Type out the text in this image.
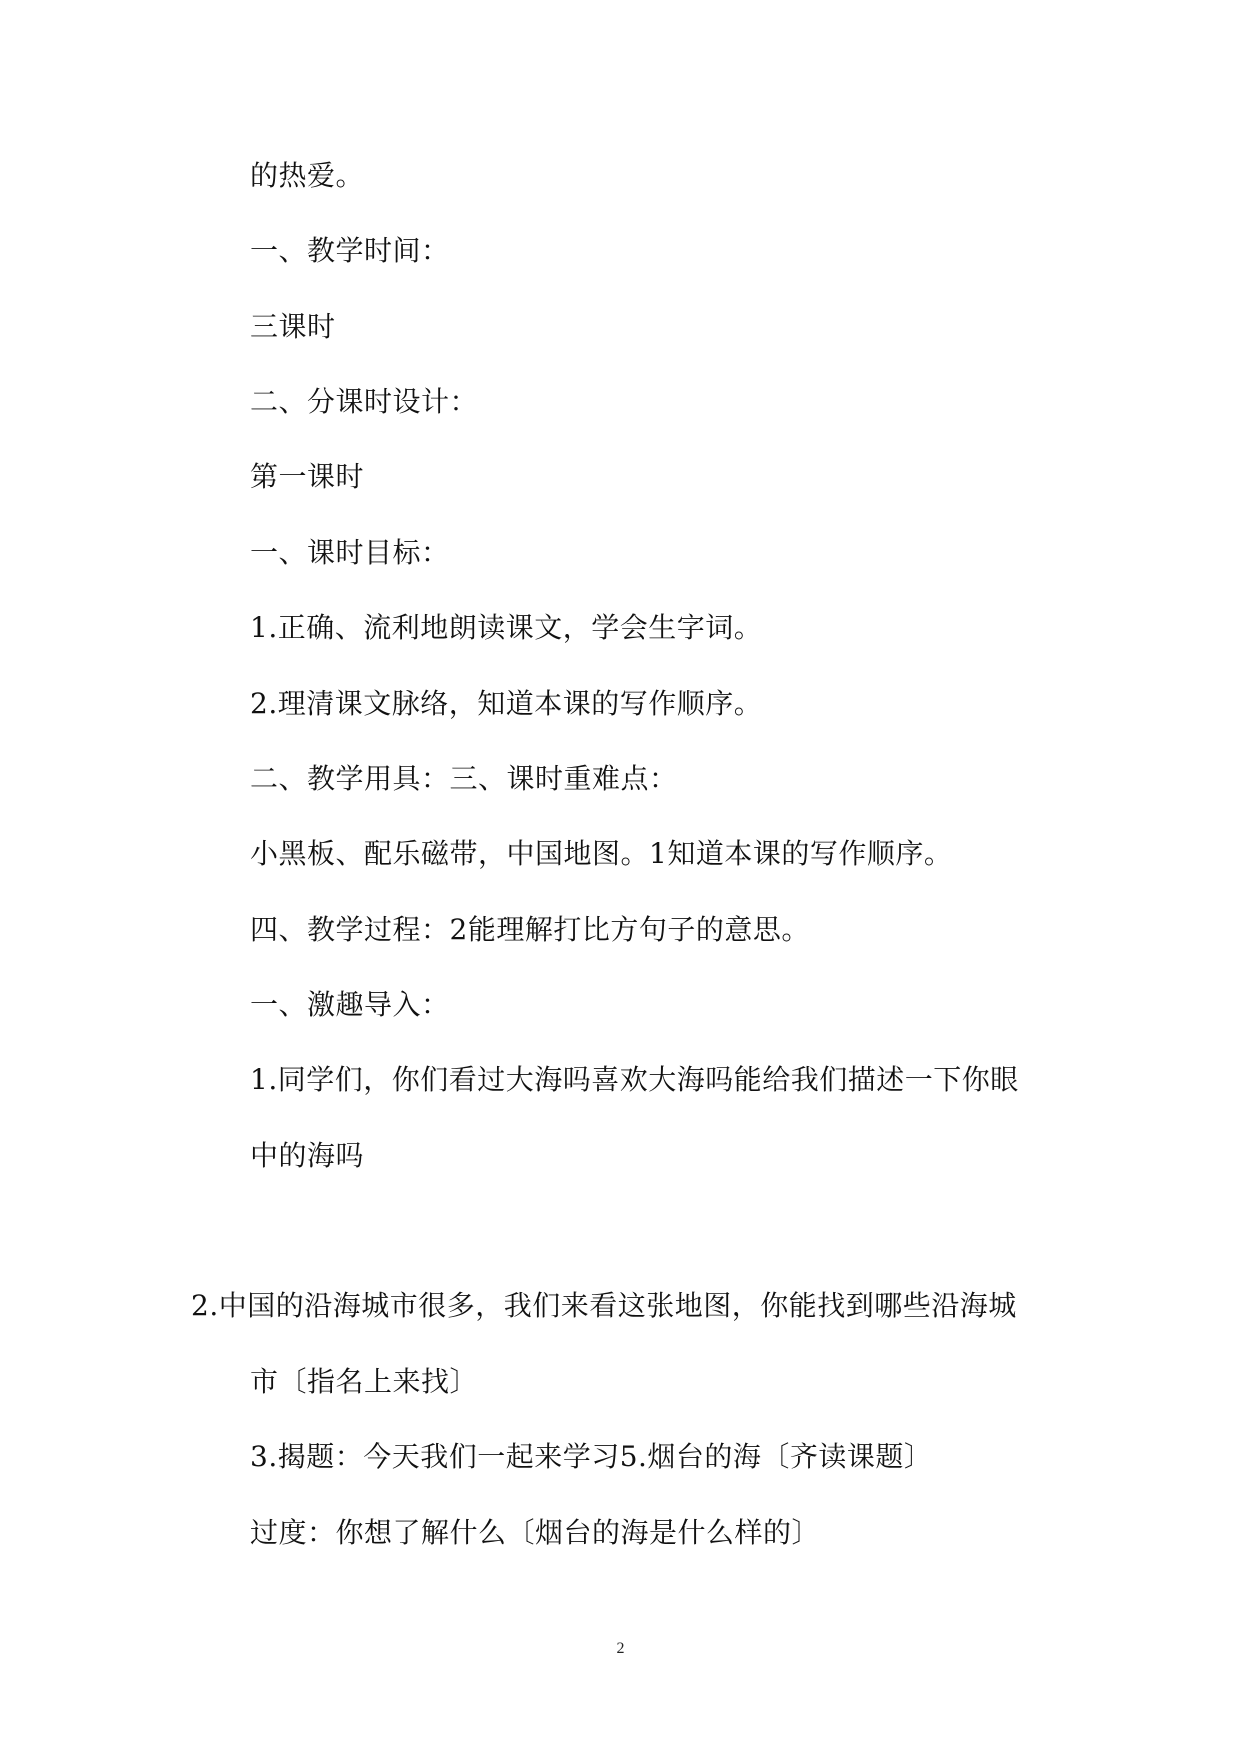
的热爱。
一、教学时间：
三课时
二、分课时设计：
第一课时
一、课时目标：
1.正确、流利地朗读课文，学会生字词。
2.理清课文脉络，知道本课的写作顺序。
二、教学用具：三、课时重难点：
小黑板、配乐磁带，中国地图。1知道本课的写作顺序。
四、教学过程：2能理解打比方句子的意思。
一、激趣导入：
1.同学们，你们看过大海吗喜欢大海吗能给我们描述一下你眼
中的海吗
2.中国的沿海城市很多，我们来看这张地图，你能找到哪些沿海城
市〔指名上来找〕
3.揭题：今天我们一起来学习5.烟台的海〔齐读课题〕
过度：你想了解什么〔烟台的海是什么样的〕
2
